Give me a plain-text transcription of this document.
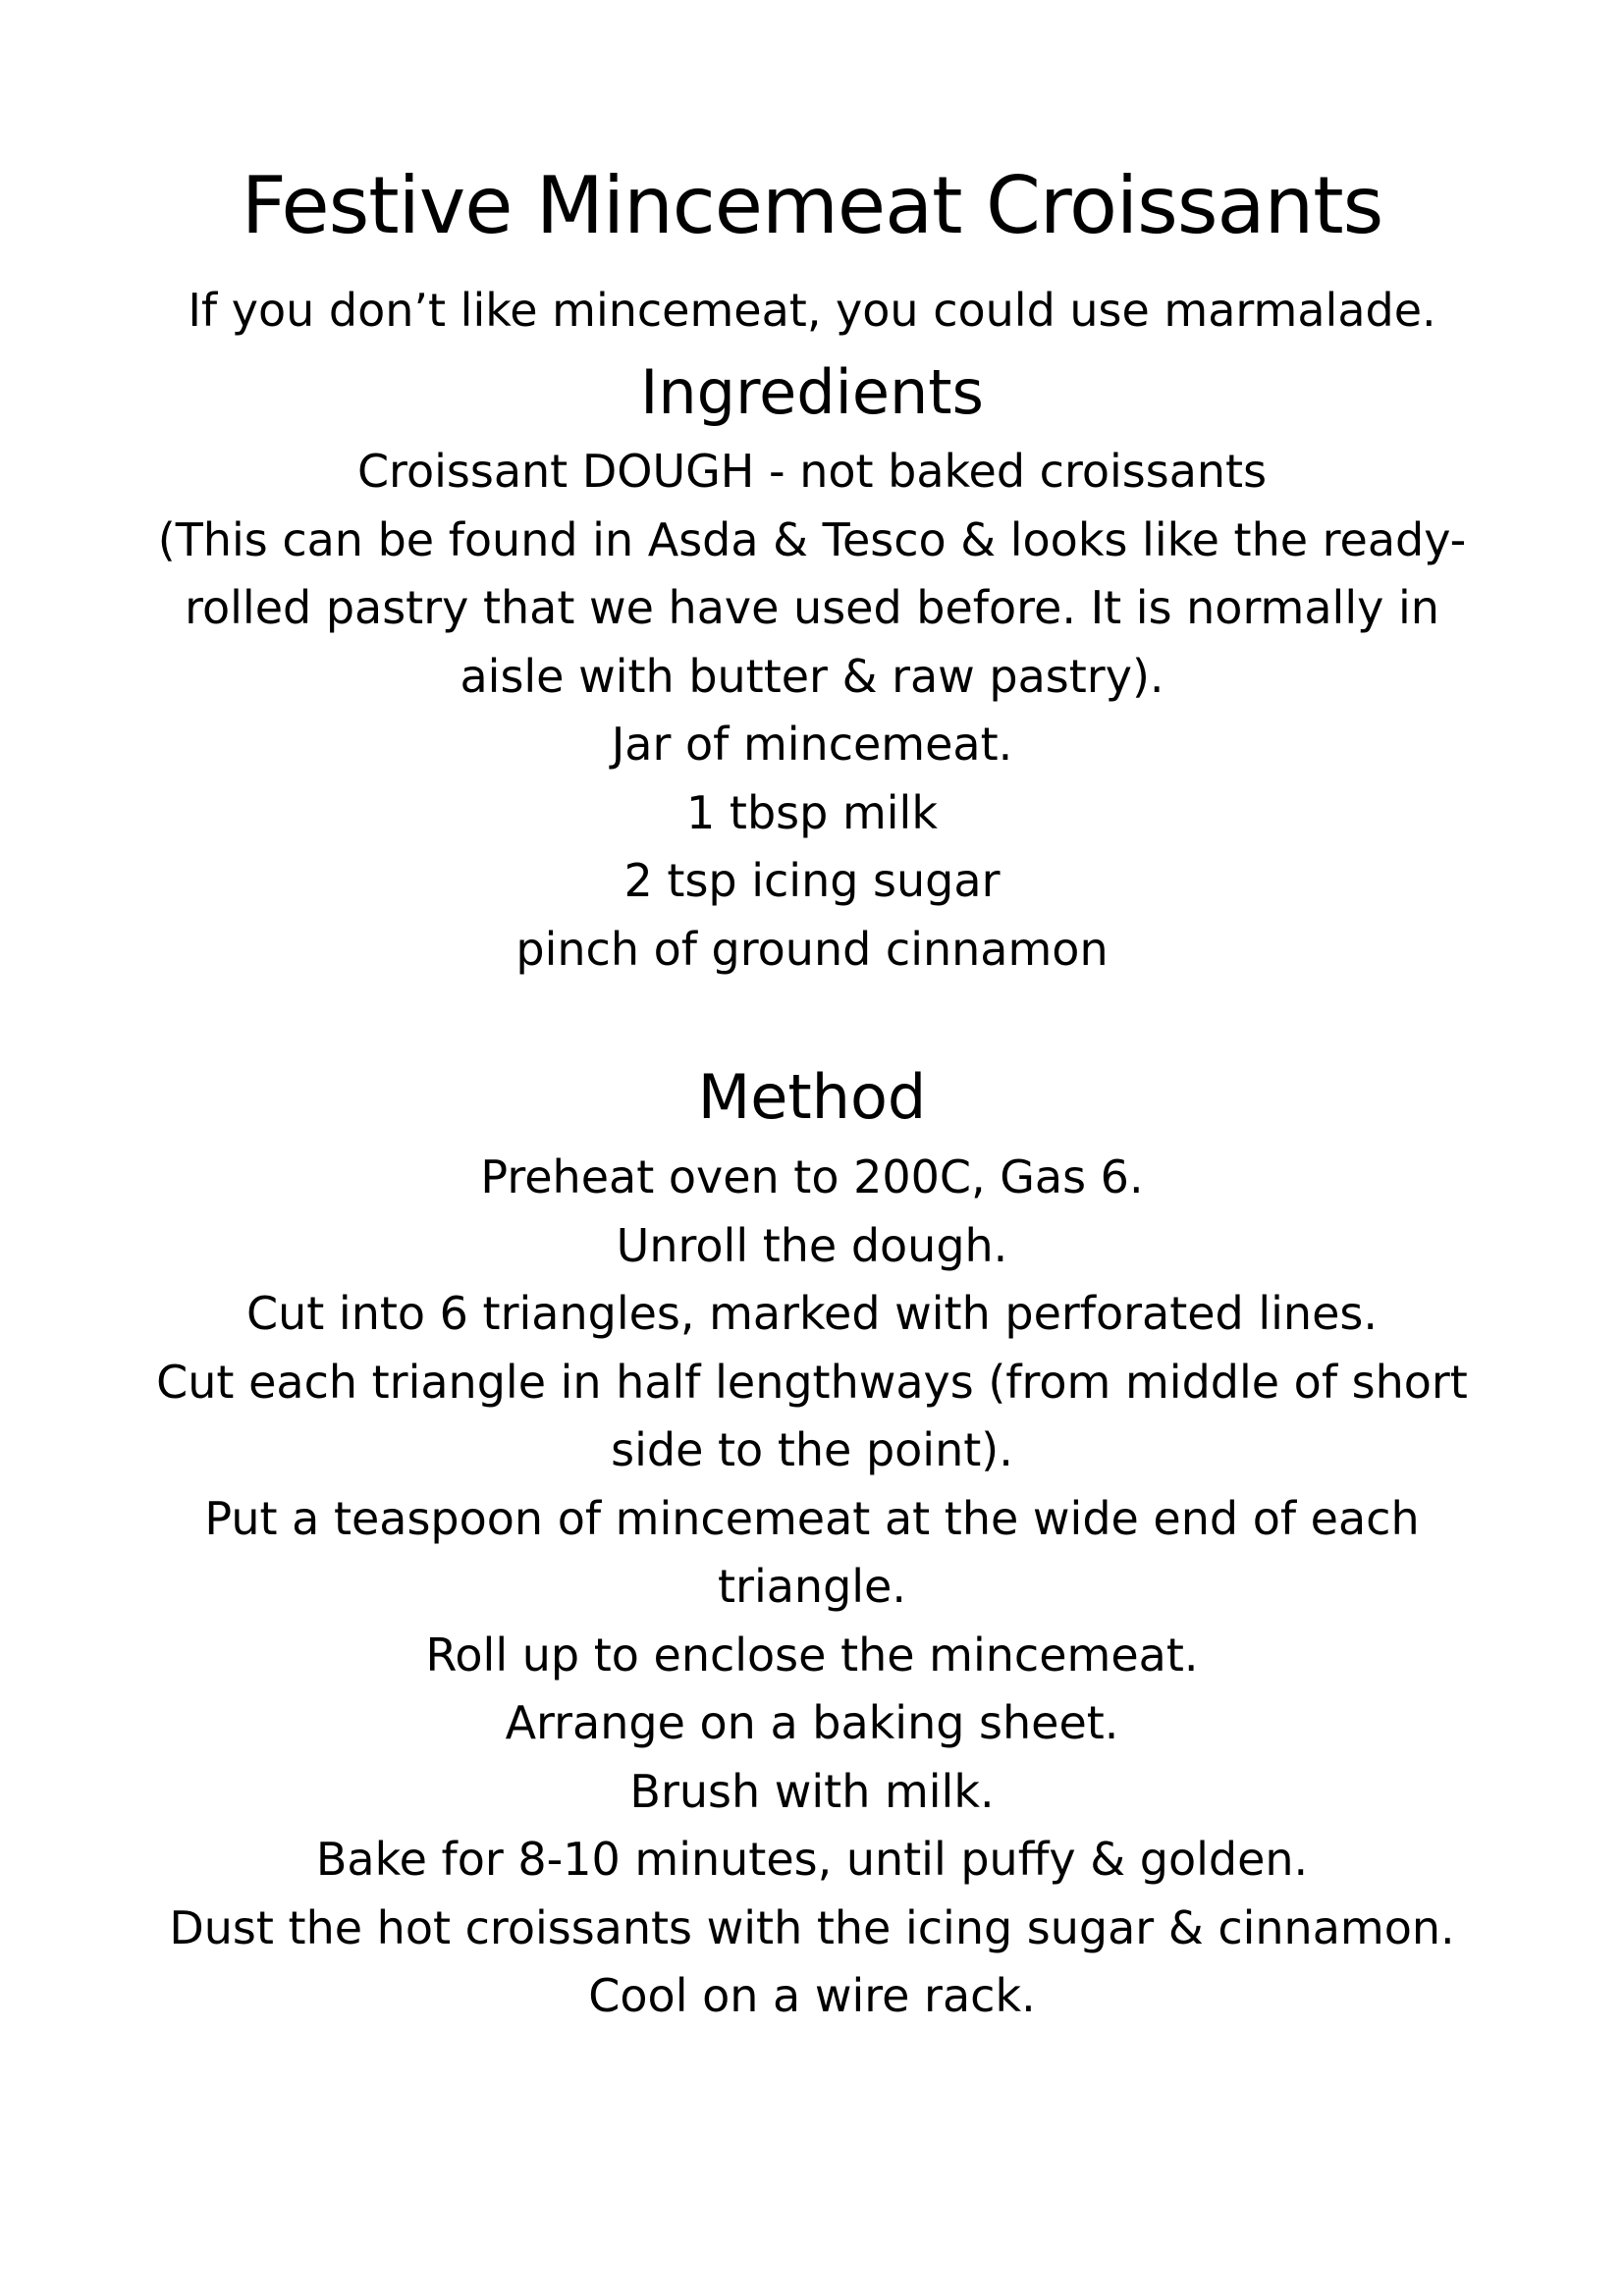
Festive Mincemeat Croissants

If you don’t like mincemeat, you could use marmalade.

Ingredients
Croissant DOUGH - not baked croissants
(This can be found in Asda & Tesco & looks like the ready-rolled pastry that we have used before. It is normally in aisle with butter & raw pastry).
Jar of mincemeat.
1 tbsp milk
2 tsp icing sugar
pinch of ground cinnamon
Method
Preheat oven to 200C, Gas 6.
Unroll the dough.
Cut into 6 triangles, marked with perforated lines.
Cut each triangle in half lengthways (from middle of short side to the point).
Put a teaspoon of mincemeat at the wide end of each triangle.
Roll up to enclose the mincemeat.
Arrange on a baking sheet.
Brush with milk.
Bake for 8-10 minutes, until puffy & golden.
Dust the hot croissants with the icing sugar & cinnamon.
Cool on a wire rack.
